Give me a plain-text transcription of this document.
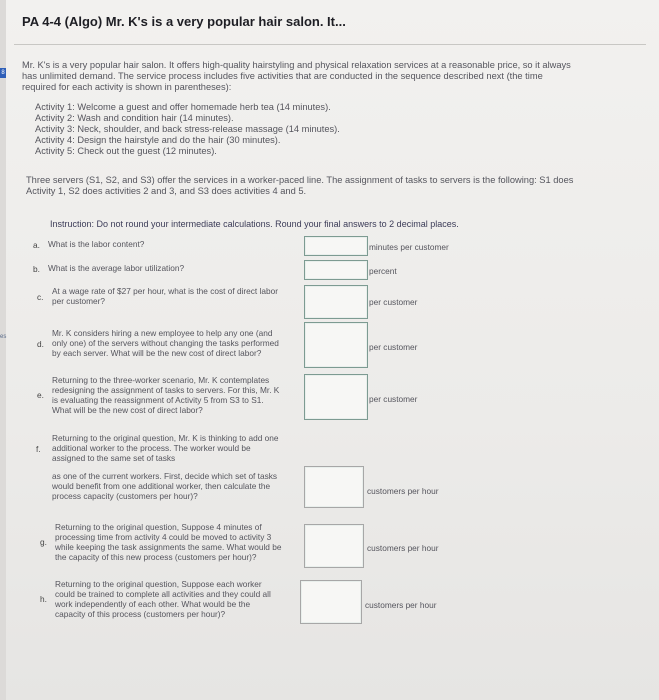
8
es
PA 4-4 (Algo) Mr. K's is a very popular hair salon. It...
Mr. K's is a very popular hair salon. It offers high-quality hairstyling and physical relaxation services at a reasonable price, so it always
has unlimited demand. The service process includes five activities that are conducted in the sequence described next (the time
required for each activity is shown in parentheses):
Activity 1: Welcome a guest and offer homemade herb tea (14 minutes).
Activity 2: Wash and condition hair (14 minutes).
Activity 3: Neck, shoulder, and back stress-release massage (14 minutes).
Activity 4: Design the hairstyle and do the hair (30 minutes).
Activity 5: Check out the guest (12 minutes).
Three servers (S1, S2, and S3) offer the services in a worker-paced line. The assignment of tasks to servers is the following: S1 does
Activity 1, S2 does activities 2 and 3, and S3 does activities 4 and 5.
Instruction: Do not round your intermediate calculations. Round your final answers to 2 decimal places.
a. What is the labor content?	minutes per customer
b. What is the average labor utilization?	percent
c.
At a wage rate of $27 per hour, what is the cost of direct labor
per customer?	per customer
d.
Mr. K considers hiring a new employee to help any one (and
only one) of the servers without changing the tasks performed
by each server. What will be the new cost of direct labor?
per customer
e.
Returning to the three-worker scenario, Mr. K contemplates
redesigning the assignment of tasks to servers. For this, Mr. K
is evaluating the reassignment of Activity 5 from S3 to S1.
What will be the new cost of direct labor?
per customer
f.
Returning to the original question, Mr. K is thinking to add one
additional worker to the process. The worker would be
assigned to the same set of tasks
as one of the current workers. First, decide which set of tasks
would benefit from one additional worker, then calculate the
process capacity (customers per hour)?	customers per hour
g.
Returning to the original question, Suppose 4 minutes of
processing time from activity 4 could be moved to activity 3
while keeping the task assignments the same. What would be
the capacity of this new process (customers per hour)?
customers per hour
h.
Returning to the original question, Suppose each worker
could be trained to complete all activities and they could all
work independently of each other. What would be the
capacity of this process (customers per hour)?
customers per hour
